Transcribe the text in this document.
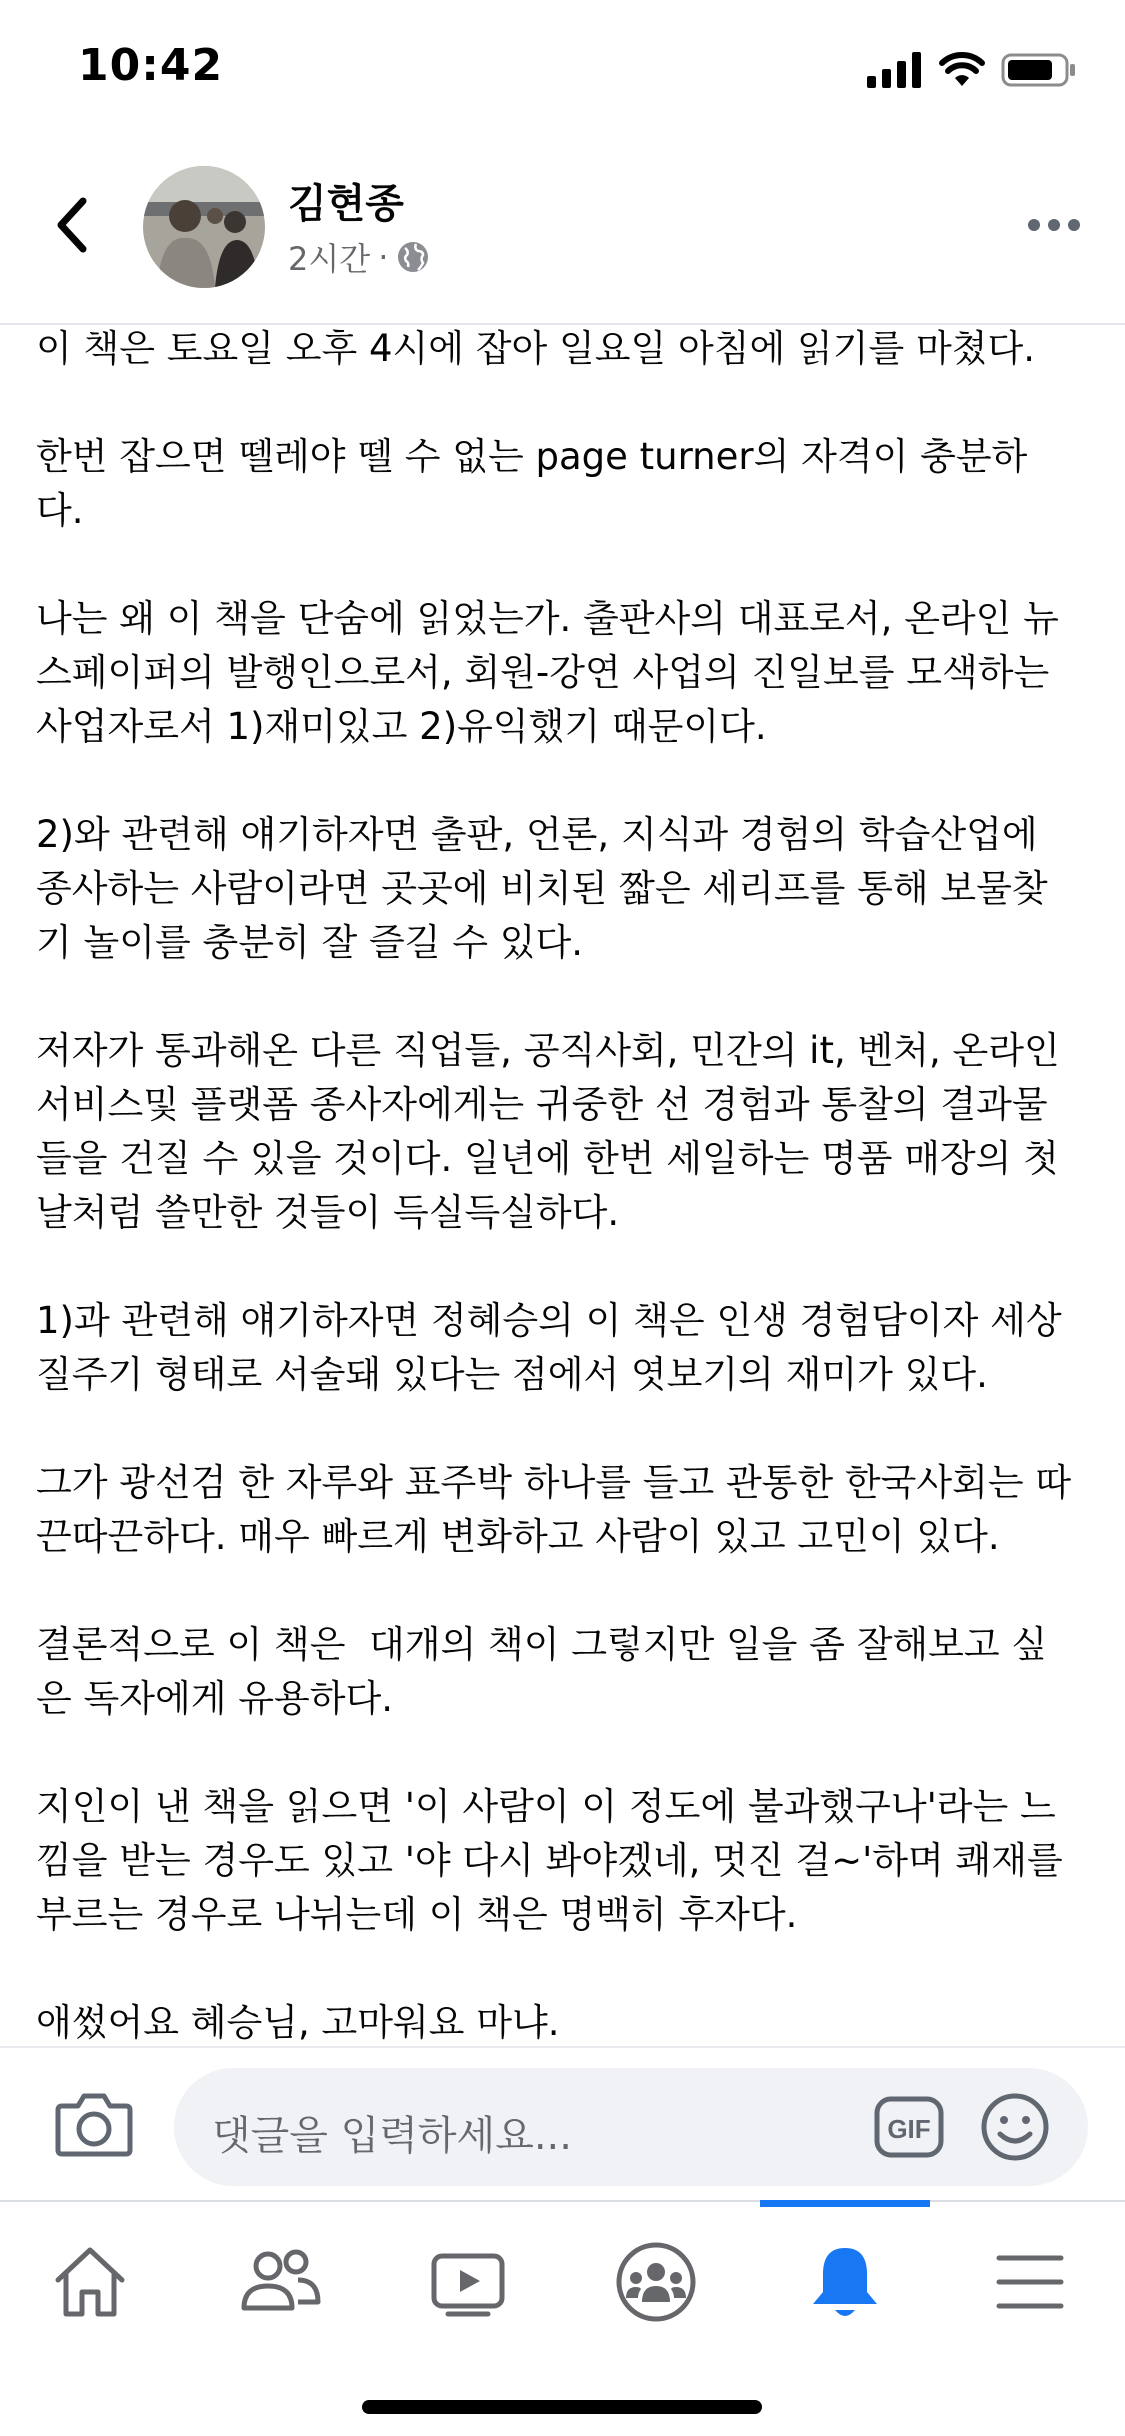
10:42
김현종
2시간 ·

이 책은 토요일 오후 4시에 잡아 일요일 아침에 읽기를 마쳤다.

한번 잡으면 뗄레야 뗄 수 없는 page turner의 자격이 충분하
다.

나는 왜 이 책을 단숨에 읽었는가. 출판사의 대표로서, 온라인 뉴
스페이퍼의 발행인으로서, 회원-강연 사업의 진일보를 모색하는
사업자로서 1)재미있고 2)유익했기 때문이다.

2)와 관련해 얘기하자면 출판, 언론, 지식과 경험의 학습산업에
종사하는 사람이라면 곳곳에 비치된 짧은 세리프를 통해 보물찾
기 놀이를 충분히 잘 즐길 수 있다.

저자가 통과해온 다른 직업들, 공직사회, 민간의 it, 벤처, 온라인
서비스및 플랫폼 종사자에게는 귀중한 선 경험과 통찰의 결과물
들을 건질 수 있을 것이다. 일년에 한번 세일하는 명품 매장의 첫
날처럼 쓸만한 것들이 득실득실하다.

1)과 관련해 얘기하자면 정혜승의 이 책은 인생 경험담이자 세상
질주기 형태로 서술돼 있다는 점에서 엿보기의 재미가 있다.

그가 광선검 한 자루와 표주박 하나를 들고 관통한 한국사회는 따
끈따끈하다. 매우 빠르게 변화하고 사람이 있고 고민이 있다.

결론적으로 이 책은  대개의 책이 그렇지만 일을 좀 잘해보고 싶
은 독자에게 유용하다.

지인이 낸 책을 읽으면 '이 사람이 이 정도에 불과했구나'라는 느
낌을 받는 경우도 있고 '야 다시 봐야겠네, 멋진 걸~'하며 쾌재를
부르는 경우로 나뉘는데 이 책은 명백히 후자다.

애썼어요 혜승님, 고마워요 마냐.

댓글을 입력하세요...	GIF
